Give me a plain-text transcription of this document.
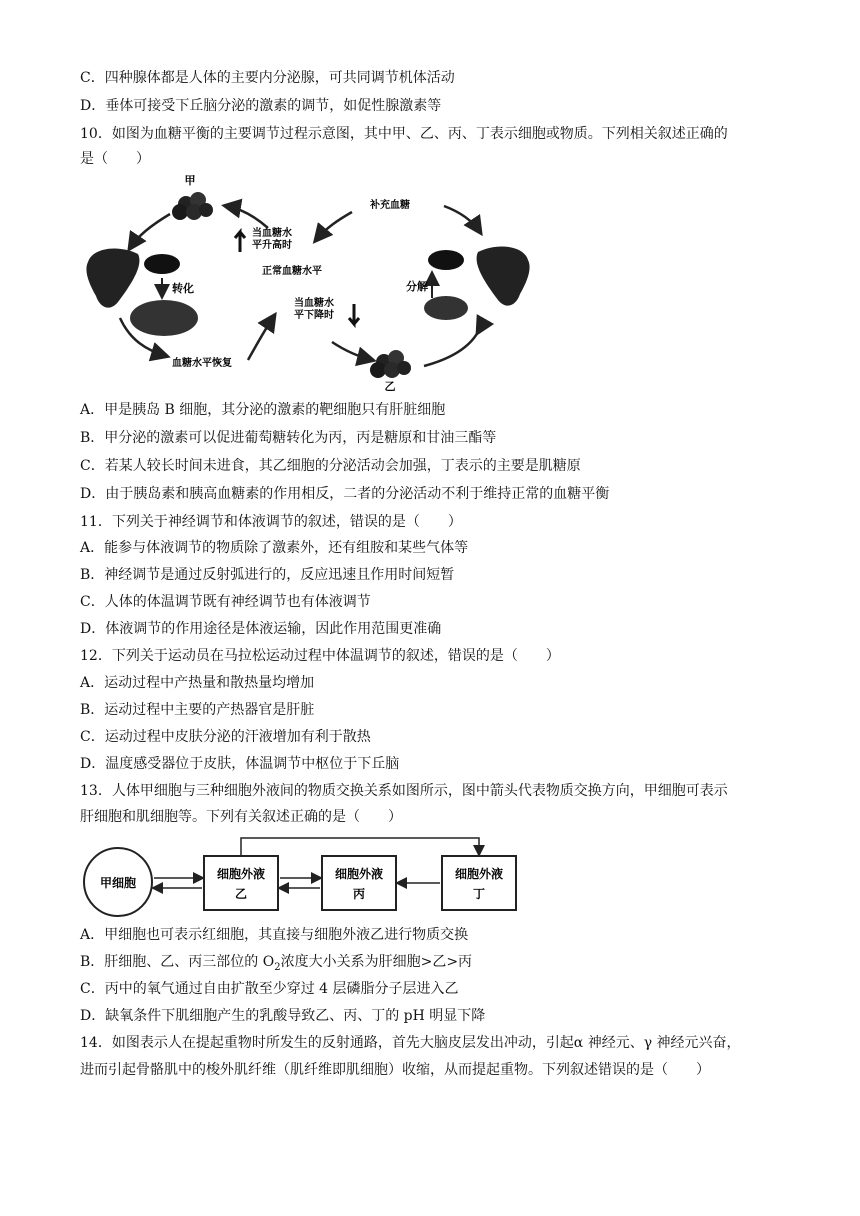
C．四种腺体都是人体的主要内分泌腺，可共同调节机体活动
D．垂体可接受下丘脑分泌的激素的调节，如促性腺激素等
10．如图为血糖平衡的主要调节过程示意图，其中甲、乙、丙、丁表示细胞或物质。下列相关叙述正确的
是（　　）
甲
乙
转化	分解
当血糖水
平升高时
正常血糖水平
当血糖水
平下降时
补充血糖
血糖水平恢复
A．甲是胰岛 B 细胞，其分泌的激素的靶细胞只有肝脏细胞
B．甲分泌的激素可以促进葡萄糖转化为丙，丙是糖原和甘油三酯等
C．若某人较长时间未进食，其乙细胞的分泌活动会加强，丁表示的主要是肌糖原
D．由于胰岛素和胰高血糖素的作用相反，二者的分泌活动不利于维持正常的血糖平衡
11．下列关于神经调节和体液调节的叙述，错误的是（　　）
A．能参与体液调节的物质除了激素外，还有组胺和某些气体等
B．神经调节是通过反射弧进行的，反应迅速且作用时间短暂
C．人体的体温调节既有神经调节也有体液调节
D．体液调节的作用途径是体液运输，因此作用范围更准确
12．下列关于运动员在马拉松运动过程中体温调节的叙述，错误的是（　　）
A．运动过程中产热量和散热量均增加
B．运动过程中主要的产热器官是肝脏
C．运动过程中皮肤分泌的汗液增加有利于散热
D．温度感受器位于皮肤，体温调节中枢位于下丘脑
13．人体甲细胞与三种细胞外液间的物质交换关系如图所示，图中箭头代表物质交换方向，甲细胞可表示
肝细胞和肌细胞等。下列有关叙述正确的是（　　）
甲细胞
细胞外液
乙
细胞外液
丙
细胞外液
丁
A．甲细胞也可表示红细胞，其直接与细胞外液乙进行物质交换
B．肝细胞、乙、丙三部位的 $O_2$浓度大小关系为肝细胞>乙>丙
C．丙中的氧气通过自由扩散至少穿过 4 层磷脂分子层进入乙
D．缺氧条件下肌细胞产生的乳酸导致乙、丙、丁的 pH 明显下降
14．如图表示人在提起重物时所发生的反射通路，首先大脑皮层发出冲动，引起α 神经元、γ 神经元兴奋，
进而引起骨骼肌中的梭外肌纤维（肌纤维即肌细胞）收缩，从而提起重物。下列叙述错误的是（　　）
